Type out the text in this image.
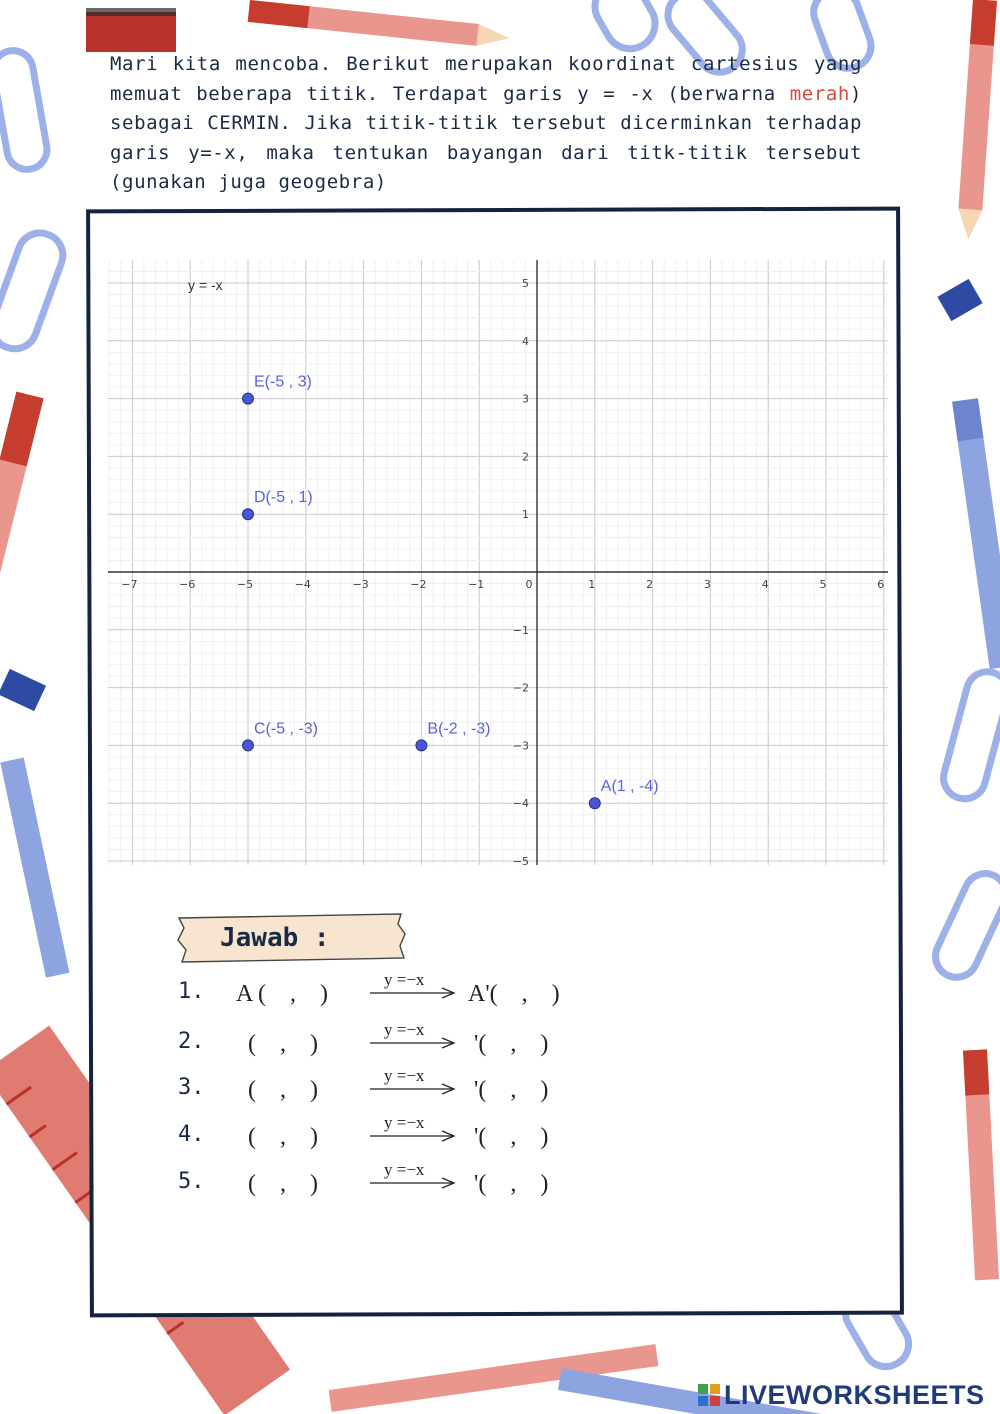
Mari kita mencoba. Berikut merupakan koordinat cartesius yang memuat beberapa titik. Terdapat garis y = -x (berwarna merah) sebagai CERMIN. Jika titik-titik tersebut dicerminkan terhadap garis y=-x, maka tentukan bayangan dari titk-titik tersebut (gunakan juga geogebra)
−7	−6	−5	−4	−3	−2	−1	0	1	2	3	4	5	6
−5
−4
−3
−2
−1
1
2
3
4
5
y = -x
A(1 , -4)
B(-2 , -3)
C(-5 , -3)
D(-5 , 1)
E(-5 , 3)
Jawab :
1. A (    ,    )
y =−x
A'(    ,    )
2. (    ,    )
y =−x
'(    ,    )
3. (    ,    )
y =−x
'(    ,    )
4. (    ,    )
y =−x
'(    ,    )
5. (    ,    )
y =−x
'(    ,    )
LIVEWORKSHEETS
